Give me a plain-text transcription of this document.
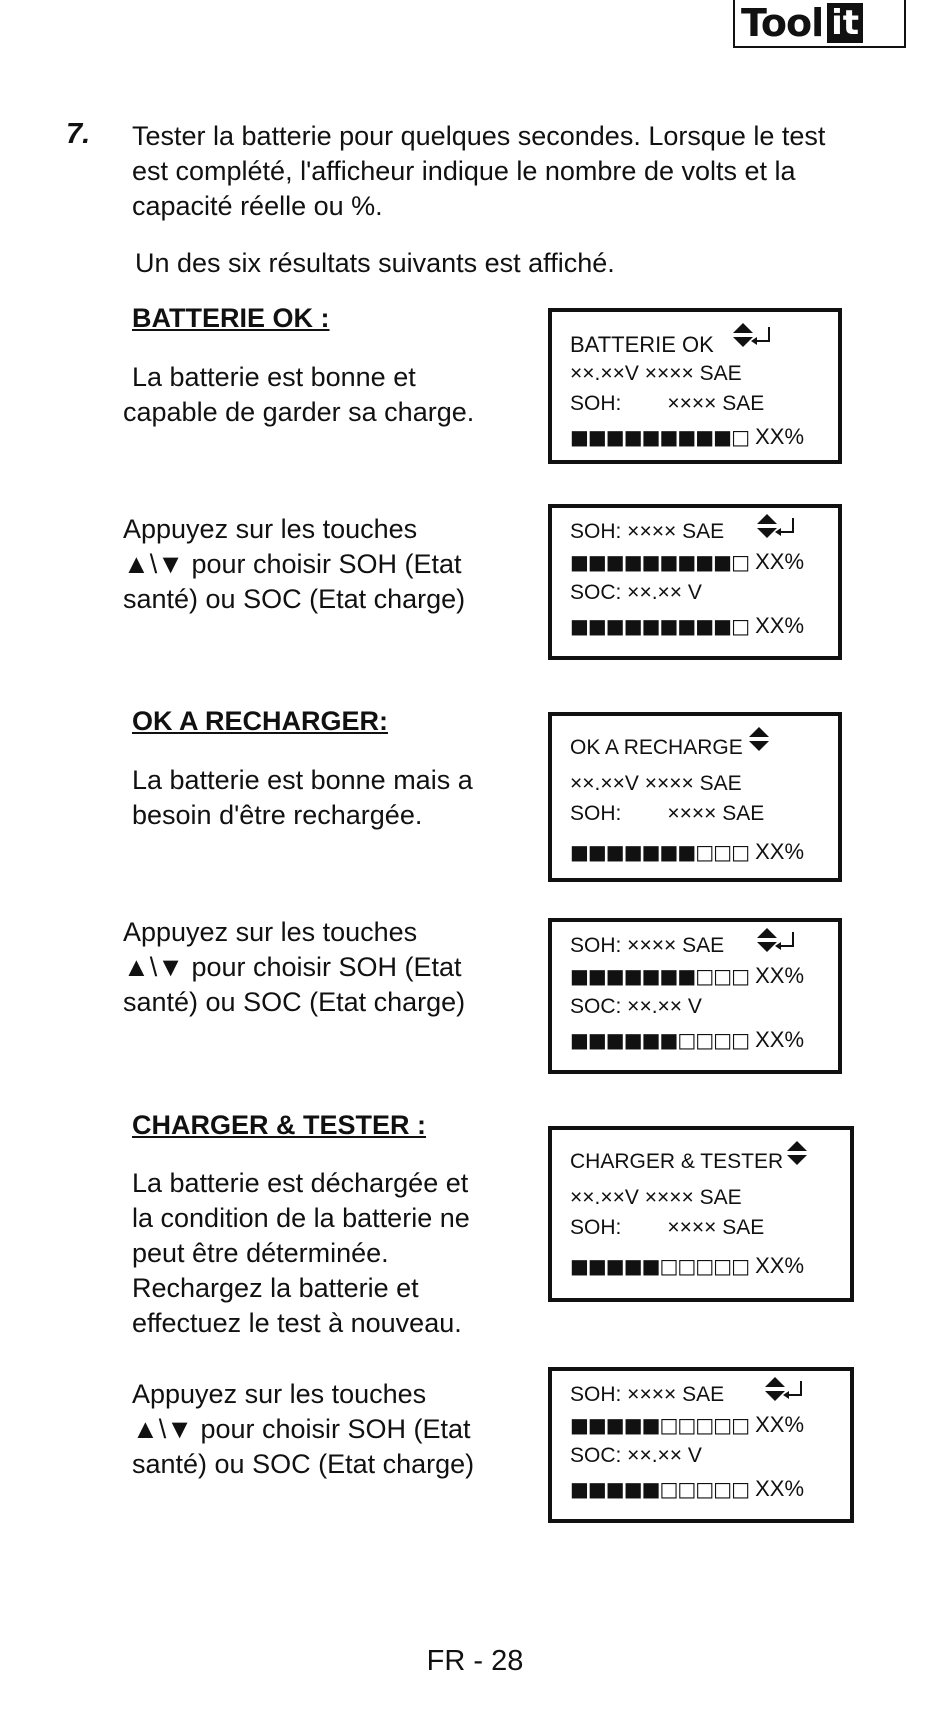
Tool it
7. Tester la batterie pour quelques secondes. Lorsque le test
est complété, l'afficheur indique le nombre de volts et la
capacité réelle ou %.
Un des six résultats suivants est affiché.
BATTERIE OK :
La batterie est bonne et
capable de garder sa charge.
BATTERIE OK
××.××V ×××× SAE
SOH: ×××× SAE
■■■■■■■■■□ XX%
Appuyez sur les touches
▲\▼ pour choisir SOH (Etat
santé) ou SOC (Etat charge)
SOH: ×××× SAE
■■■■■■■■■□ XX%
SOC: ××.×× V
■■■■■■■■■□ XX%
OK A RECHARGER:
La batterie est bonne mais a
besoin d'être rechargée.
OK A RECHARGE
××.××V ×××× SAE
SOH: ×××× SAE
■■■■■■■□□□ XX%
Appuyez sur les touches
▲\▼ pour choisir SOH (Etat
santé) ou SOC (Etat charge)
SOH: ×××× SAE
■■■■■■■□□□ XX%
SOC: ××.×× V
■■■■■■□□□□ XX%
CHARGER & TESTER :
La batterie est déchargée et
la condition de la batterie ne
peut être déterminée.
Rechargez la batterie et
effectuez le test à nouveau.
CHARGER & TESTER
××.××V ×××× SAE
SOH: ×××× SAE
■■■■■□□□□□ XX%
Appuyez sur les touches
▲\▼ pour choisir SOH (Etat
santé) ou SOC (Etat charge)
SOH: ×××× SAE
■■■■■□□□□□ XX%
SOC: ××.×× V
■■■■■□□□□□ XX%
FR - 28
